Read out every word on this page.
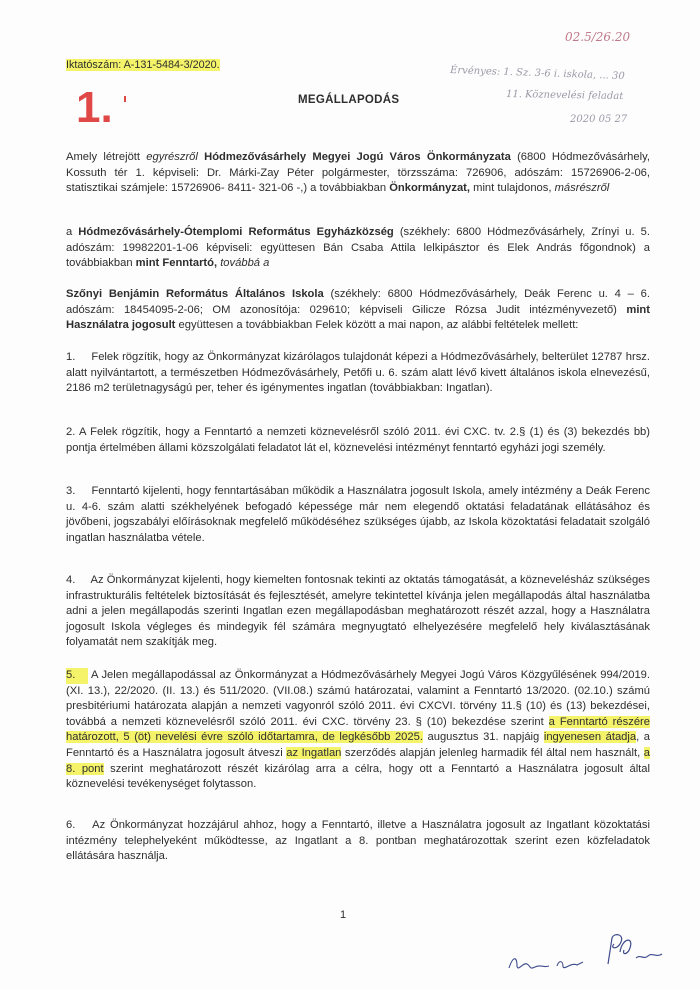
Iktatószám: A-131-5484-3/2020.
02.5/26.20
Érvényes: 1. Sz. 3-6 i. iskola, ... 30
11. Köznevelési feladat
2020 05 27
1.	MEGÁLLAPODÁS

Amely létrejött egyrészről Hódmezővásárhely Megyei Jogú Város Önkormányzata (6800 Hódmezővásárhely, Kossuth tér 1. képviseli: Dr. Márki-Zay Péter polgármester, törzsszáma: 726906, adószám: 15726906-2-06, statisztikai számjele: 15726906- 8411- 321-06 -,) a továbbiakban Önkormányzat, mint tulajdonos, másrészről

a Hódmezővásárhely-Ótemplomi Református Egyházközség (székhely: 6800 Hódmezővásárhely, Zrínyi u. 5. adószám: 19982201-1-06 képviseli: együttesen Bán Csaba Attila lelkipásztor és Elek András főgondnok) a továbbiakban mint Fenntartó, továbbá a

Szőnyi Benjámin Református Általános Iskola (székhely: 6800 Hódmezővásárhely, Deák Ferenc u. 4 – 6. adószám: 18454095-2-06; OM azonosítója: 029610; képviseli Gilicze Rózsa Judit intézményvezető) mint Használatra jogosult együttesen a továbbiakban Felek között a mai napon, az alábbi feltételek mellett:

1. Felek rögzítik, hogy az Önkormányzat kizárólagos tulajdonát képezi a Hódmezővásárhely, belterület 12787 hrsz. alatt nyilvántartott, a természetben Hódmezővásárhely, Petőfi u. 6. szám alatt lévő kivett általános iskola elnevezésű, 2186 m2 területnagyságú per, teher és igénymentes ingatlan (továbbiakban: Ingatlan).

2. A Felek rögzítik, hogy a Fenntartó a nemzeti köznevelésről szóló 2011. évi CXC. tv. 2.§ (1) és (3) bekezdés bb) pontja értelmében állami közszolgálati feladatot lát el, köznevelési intézményt fenntartó egyházi jogi személy.

3. Fenntartó kijelenti, hogy fenntartásában működik a Használatra jogosult Iskola, amely intézmény a Deák Ferenc u. 4-6. szám alatti székhelyének befogadó képessége már nem elegendő oktatási feladatának ellátásához és jövőbeni, jogszabályi előírásoknak megfelelő működéséhez szükséges újabb, az Iskola közoktatási feladatait szolgáló ingatlan használatba vétele.

4. Az Önkormányzat kijelenti, hogy kiemelten fontosnak tekinti az oktatás támogatását, a köznevelésház szükséges infrastrukturális feltételek biztosítását és fejlesztését, amelyre tekintettel kívánja jelen megállapodás által használatba adni a jelen megállapodás szerinti Ingatlan ezen megállapodásban meghatározott részét azzal, hogy a Használatra jogosult Iskola végleges és mindegyik fél számára megnyugtató elhelyezésére megfelelő hely kiválasztásának folyamatát nem szakítják meg.

5. A Jelen megállapodással az Önkormányzat a Hódmezővásárhely Megyei Jogú Város Közgyűlésének 994/2019. (XI. 13.), 22/2020. (II. 13.) és 511/2020. (VII.08.) számú határozatai, valamint a Fenntartó 13/2020. (02.10.) számú presbitériumi határozata alapján a nemzeti vagyonról szóló 2011. évi CXCVI. törvény 11.§ (10) és (13) bekezdései, továbbá a nemzeti köznevelésről szóló 2011. évi CXC. törvény 23. § (10) bekezdése szerint a Fenntartó részére határozott, 5 (öt) nevelési évre szóló időtartamra, de legkésőbb 2025. augusztus 31. napjáig ingyenesen átadja, a Fenntartó és a Használatra jogosult átveszi az Ingatlan szerződés alapján jelenleg harmadik fél által nem használt, a 8. pont szerint meghatározott részét kizárólag arra a célra, hogy ott a Fenntartó a Használatra jogosult által köznevelési tevékenységet folytasson.

6. Az Önkormányzat hozzájárul ahhoz, hogy a Fenntartó, illetve a Használatra jogosult az Ingatlant közoktatási intézmény telephelyeként működtesse, az Ingatlant a 8. pontban meghatározottak szerint ezen közfeladatok ellátására használja.

1
